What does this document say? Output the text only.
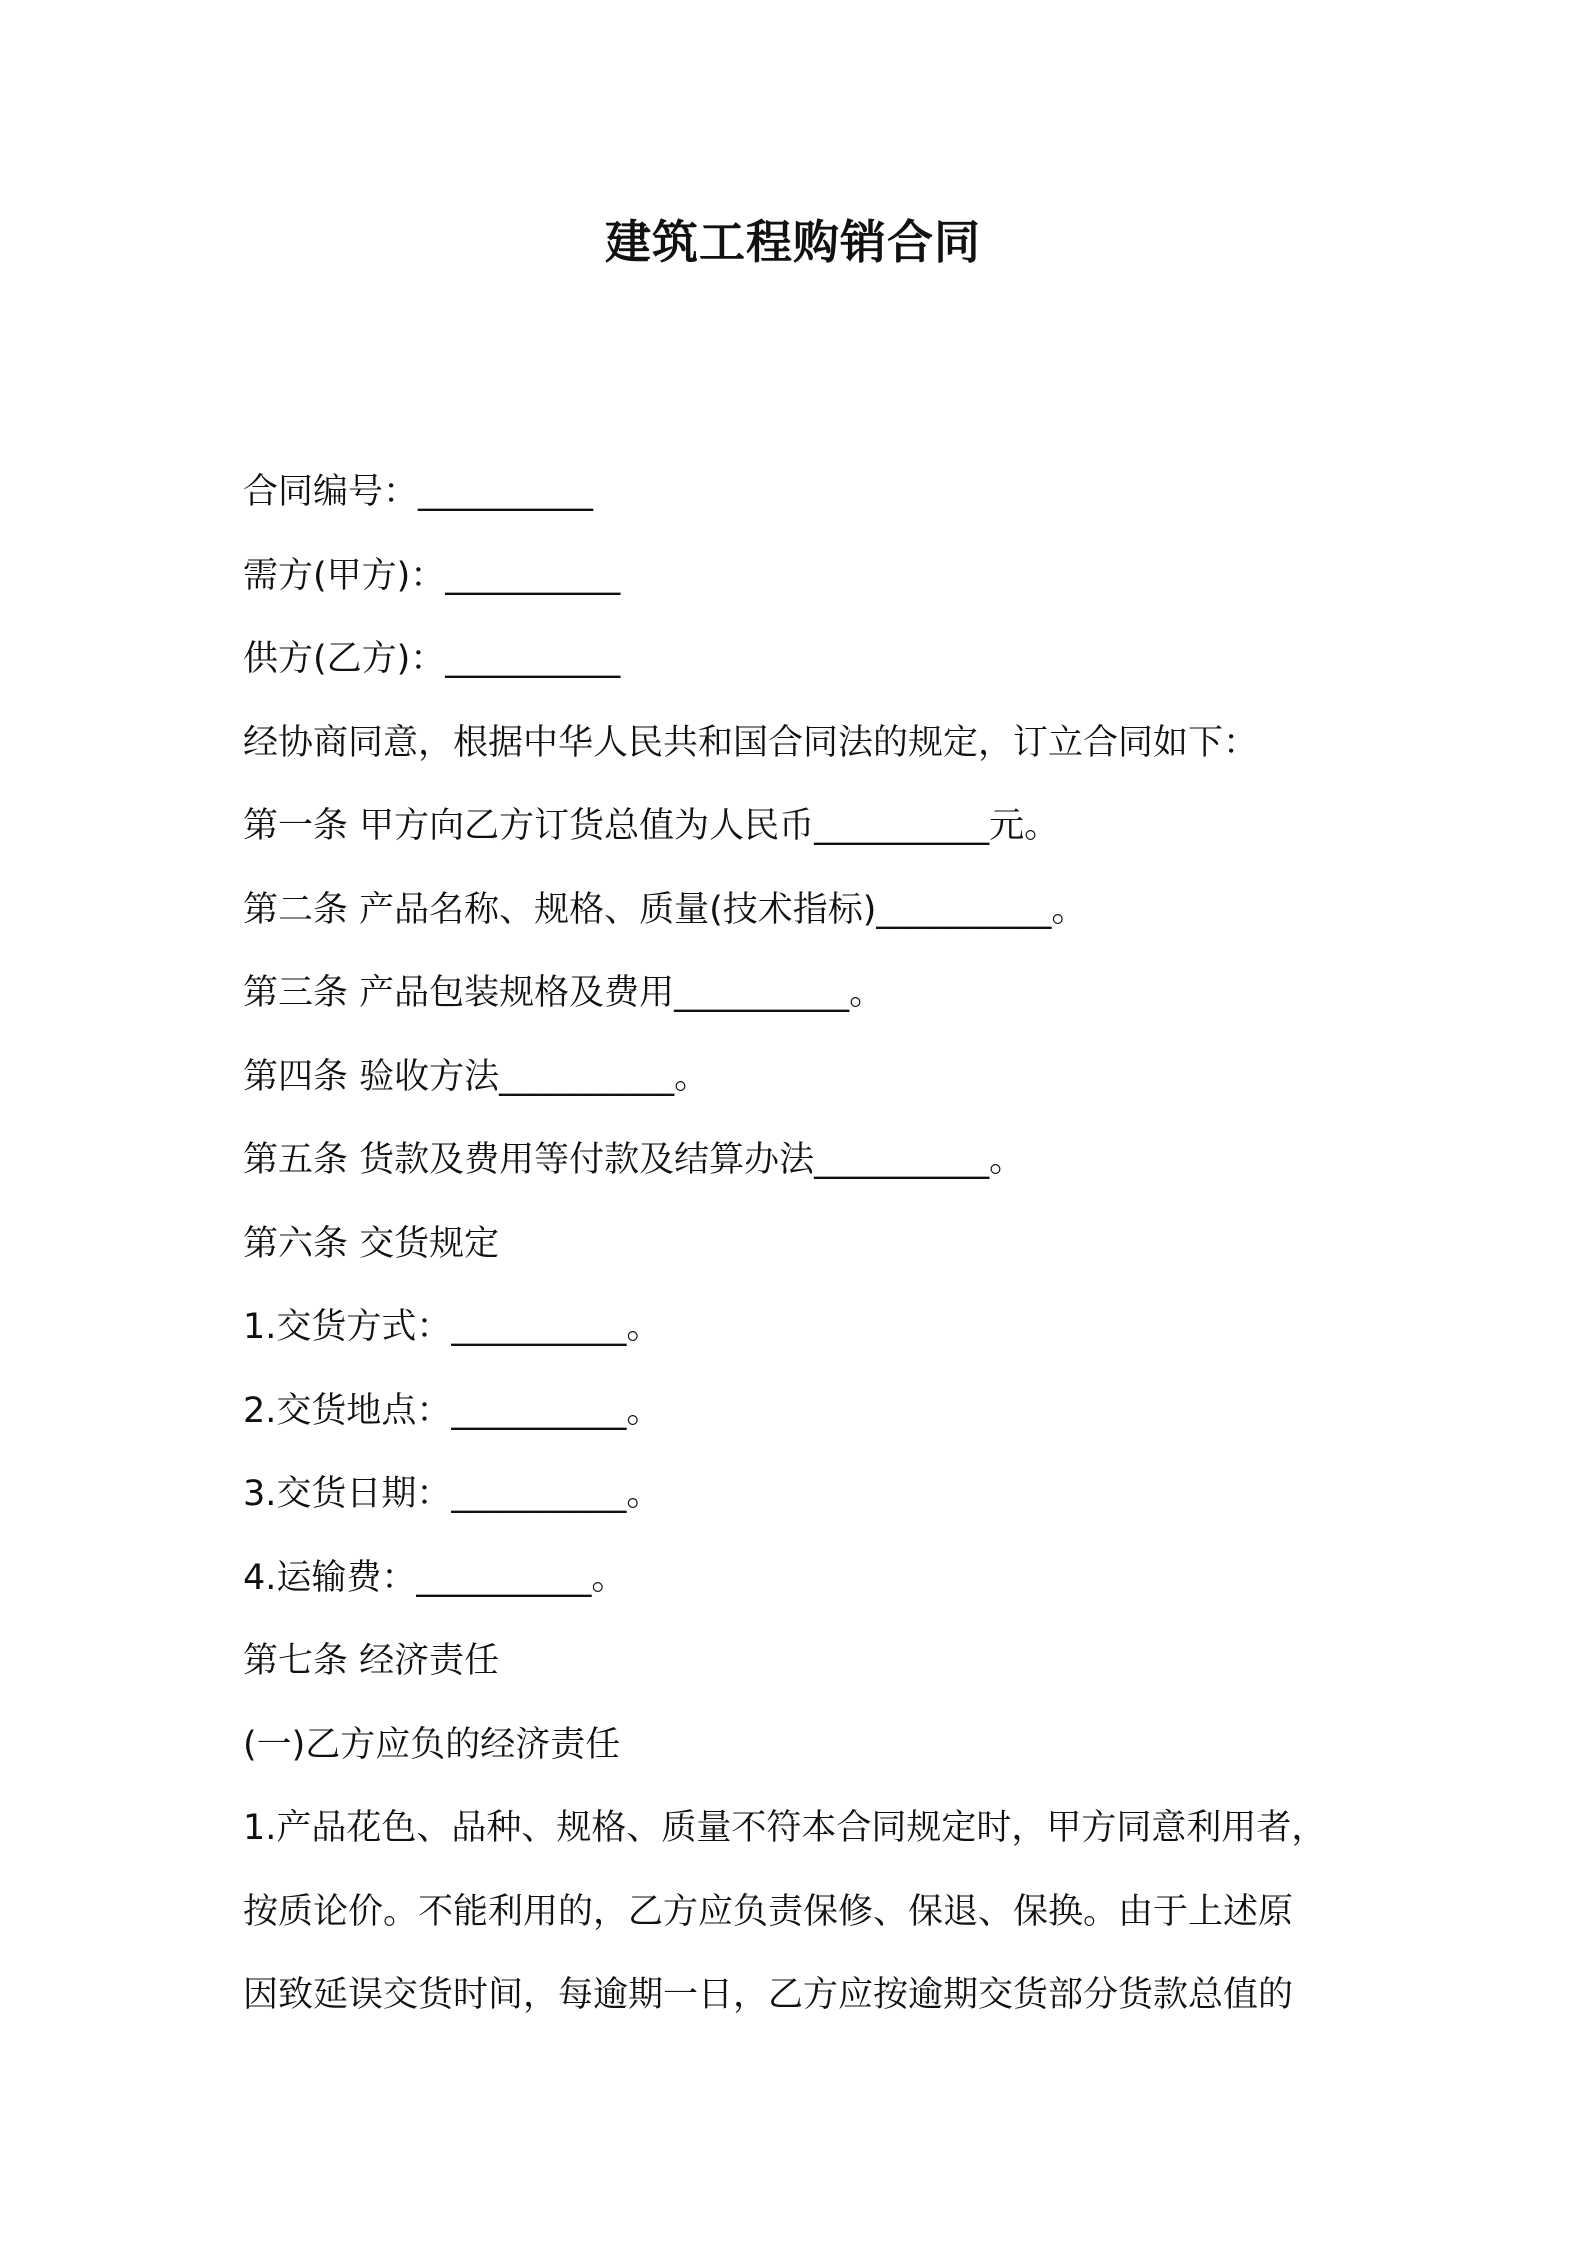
建筑工程购销合同
合同编号：__________
需方(甲方)：__________
供方(乙方)：__________
经协商同意，根据中华人民共和国合同法的规定，订立合同如下：
第一条 甲方向乙方订货总值为人民币__________元。
第二条 产品名称、规格、质量(技术指标)__________。
第三条 产品包装规格及费用__________。
第四条 验收方法__________。
第五条 货款及费用等付款及结算办法__________。
第六条 交货规定
1.交货方式：__________。
2.交货地点：__________。
3.交货日期：__________。
4.运输费：__________。
第七条 经济责任
(一)乙方应负的经济责任
1.产品花色、品种、规格、质量不符本合同规定时，甲方同意利用者，
按质论价。不能利用的，乙方应负责保修、保退、保换。由于上述原
因致延误交货时间，每逾期一日，乙方应按逾期交货部分货款总值的
